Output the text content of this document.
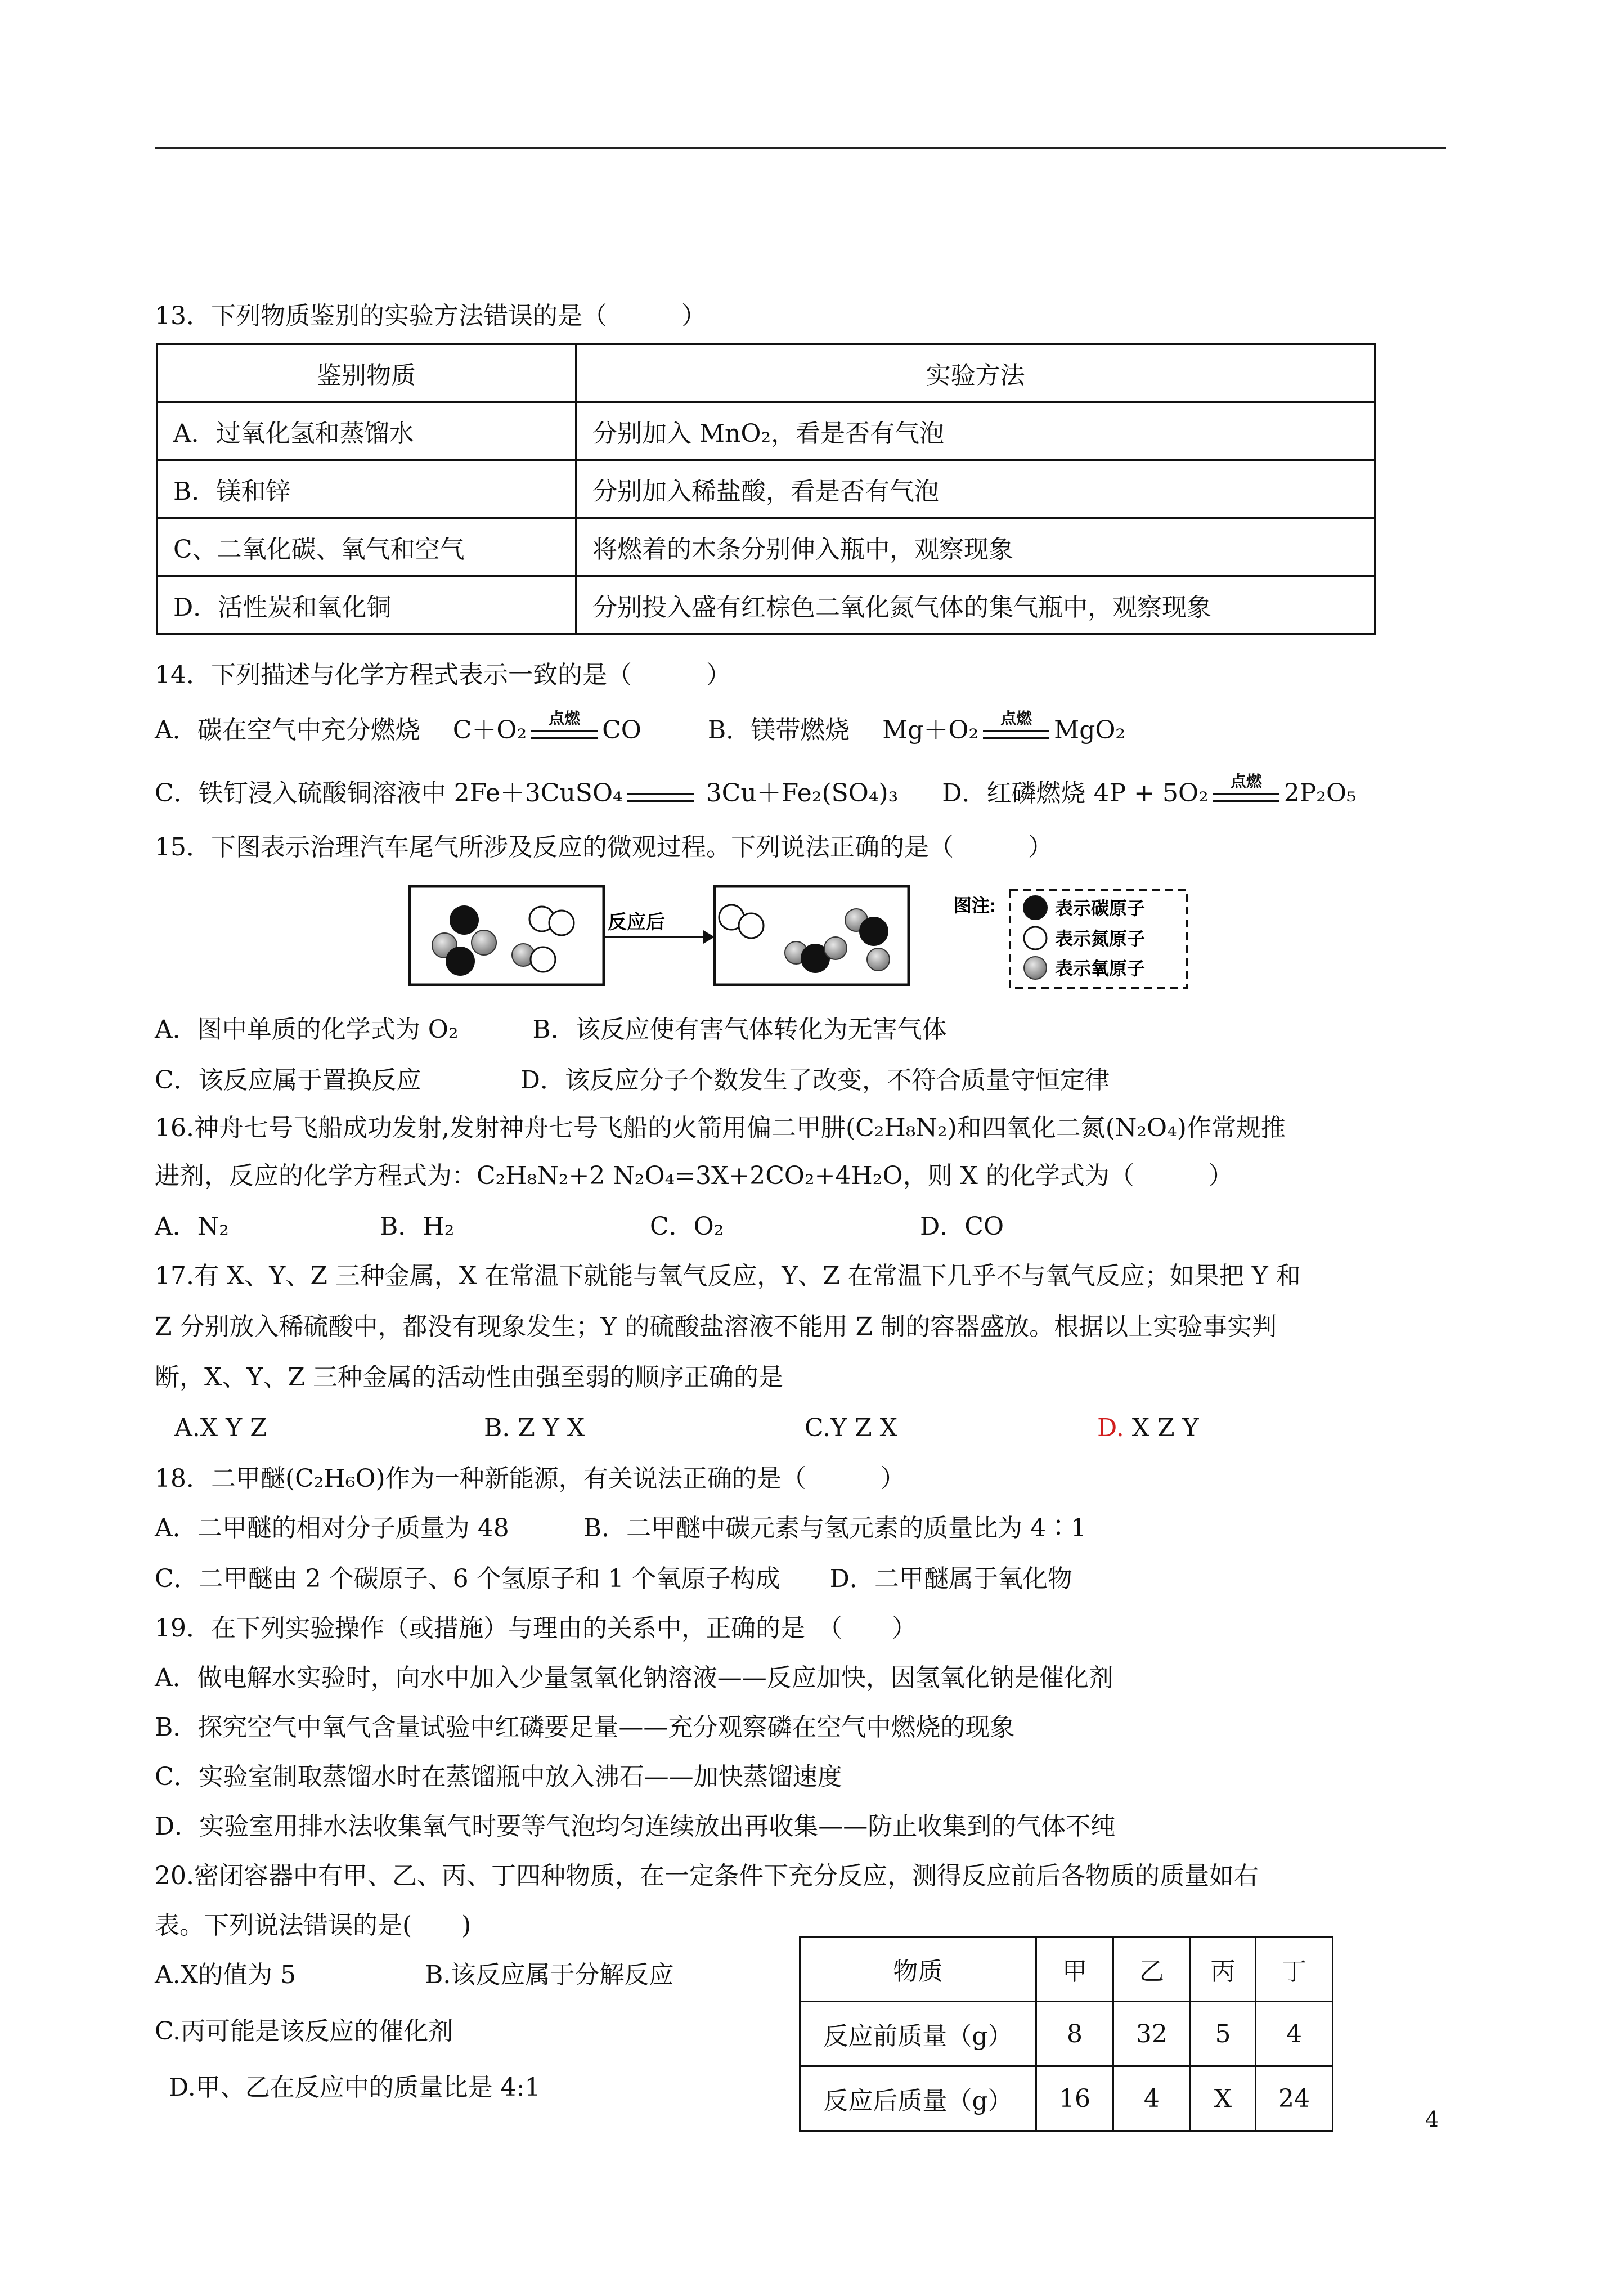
13．下列物质鉴别的实验方法错误的是（　　　）
鉴别物质	实验方法
A．过氧化氢和蒸馏水	分别加入 MnO₂，看是否有气泡
B．镁和锌	分别加入稀盐酸，看是否有气泡
C、二氧化碳、氧气和空气	将燃着的木条分别伸入瓶中，观察现象
D．活性炭和氧化铜	分别投入盛有红棕色二氧化氮气体的集气瓶中，观察现象
14．下列描述与化学方程式表示一致的是（　　　）
A．碳在空气中充分燃烧　 C＋O₂	点燃 CO	B．镁带燃烧　 Mg＋O₂	点燃 MgO₂
C．铁钉浸入硫酸铜溶液中 2Fe＋3CuSO₄	3Cu＋Fe₂(SO₄)₃ D．红磷燃烧 4P + 5O₂	点燃 2P₂O₅
15．下图表示治理汽车尾气所涉及反应的微观过程。下列说法正确的是（　　　）
反应后
图注:	表示碳原子
表示氮原子
表示氧原子
A．图中单质的化学式为 O₂　　　B．该反应使有害气体转化为无害气体
C．该反应属于置换反应　　　　D．该反应分子个数发生了改变，不符合质量守恒定律
16.神舟七号飞船成功发射,发射神舟七号飞船的火箭用偏二甲肼(C₂H₈N₂)和四氧化二氮(N₂O₄)作常规推
进剂，反应的化学方程式为：C₂H₈N₂+2 N₂O₄=3X+2CO₂+4H₂O，则 X 的化学式为（　　　）
A．N₂	B．H₂	C．O₂	D．CO
17.有 X、Y、Z 三种金属，X 在常温下就能与氧气反应，Y、Z 在常温下几乎不与氧气反应；如果把 Y 和
Z 分别放入稀硫酸中，都没有现象发生；Y 的硫酸盐溶液不能用 Z 制的容器盛放。根据以上实验事实判
断，X、Y、Z 三种金属的活动性由强至弱的顺序正确的是
A.X Y Z	B. Z Y X	C.Y Z X	D. X Z Y
18．二甲醚(C₂H₆O)作为一种新能源，有关说法正确的是（　　　）
A．二甲醚的相对分子质量为 48　　　B．二甲醚中碳元素与氢元素的质量比为 4∶1
C．二甲醚由 2 个碳原子、6 个氢原子和 1 个氧原子构成　　D．二甲醚属于氧化物
19．在下列实验操作（或措施）与理由的关系中，正确的是　（　　）
A．做电解水实验时，向水中加入少量氢氧化钠溶液——反应加快，因氢氧化钠是催化剂
B．探究空气中氧气含量试验中红磷要足量——充分观察磷在空气中燃烧的现象
C．实验室制取蒸馏水时在蒸馏瓶中放入沸石——加快蒸馏速度
D．实验室用排水法收集氧气时要等气泡均匀连续放出再收集——防止收集到的气体不纯
20.密闭容器中有甲、乙、丙、丁四种物质，在一定条件下充分反应，测得反应前后各物质的质量如右
表。下列说法错误的是(　　)
A.X的值为 5	B.该反应属于分解反应
C.丙可能是该反应的催化剂
D.甲、乙在反应中的质量比是 4:1
物质	甲	乙	丙	丁
反应前质量（g）	8	32	5	4
反应后质量（g）	16	4	X	24
4
